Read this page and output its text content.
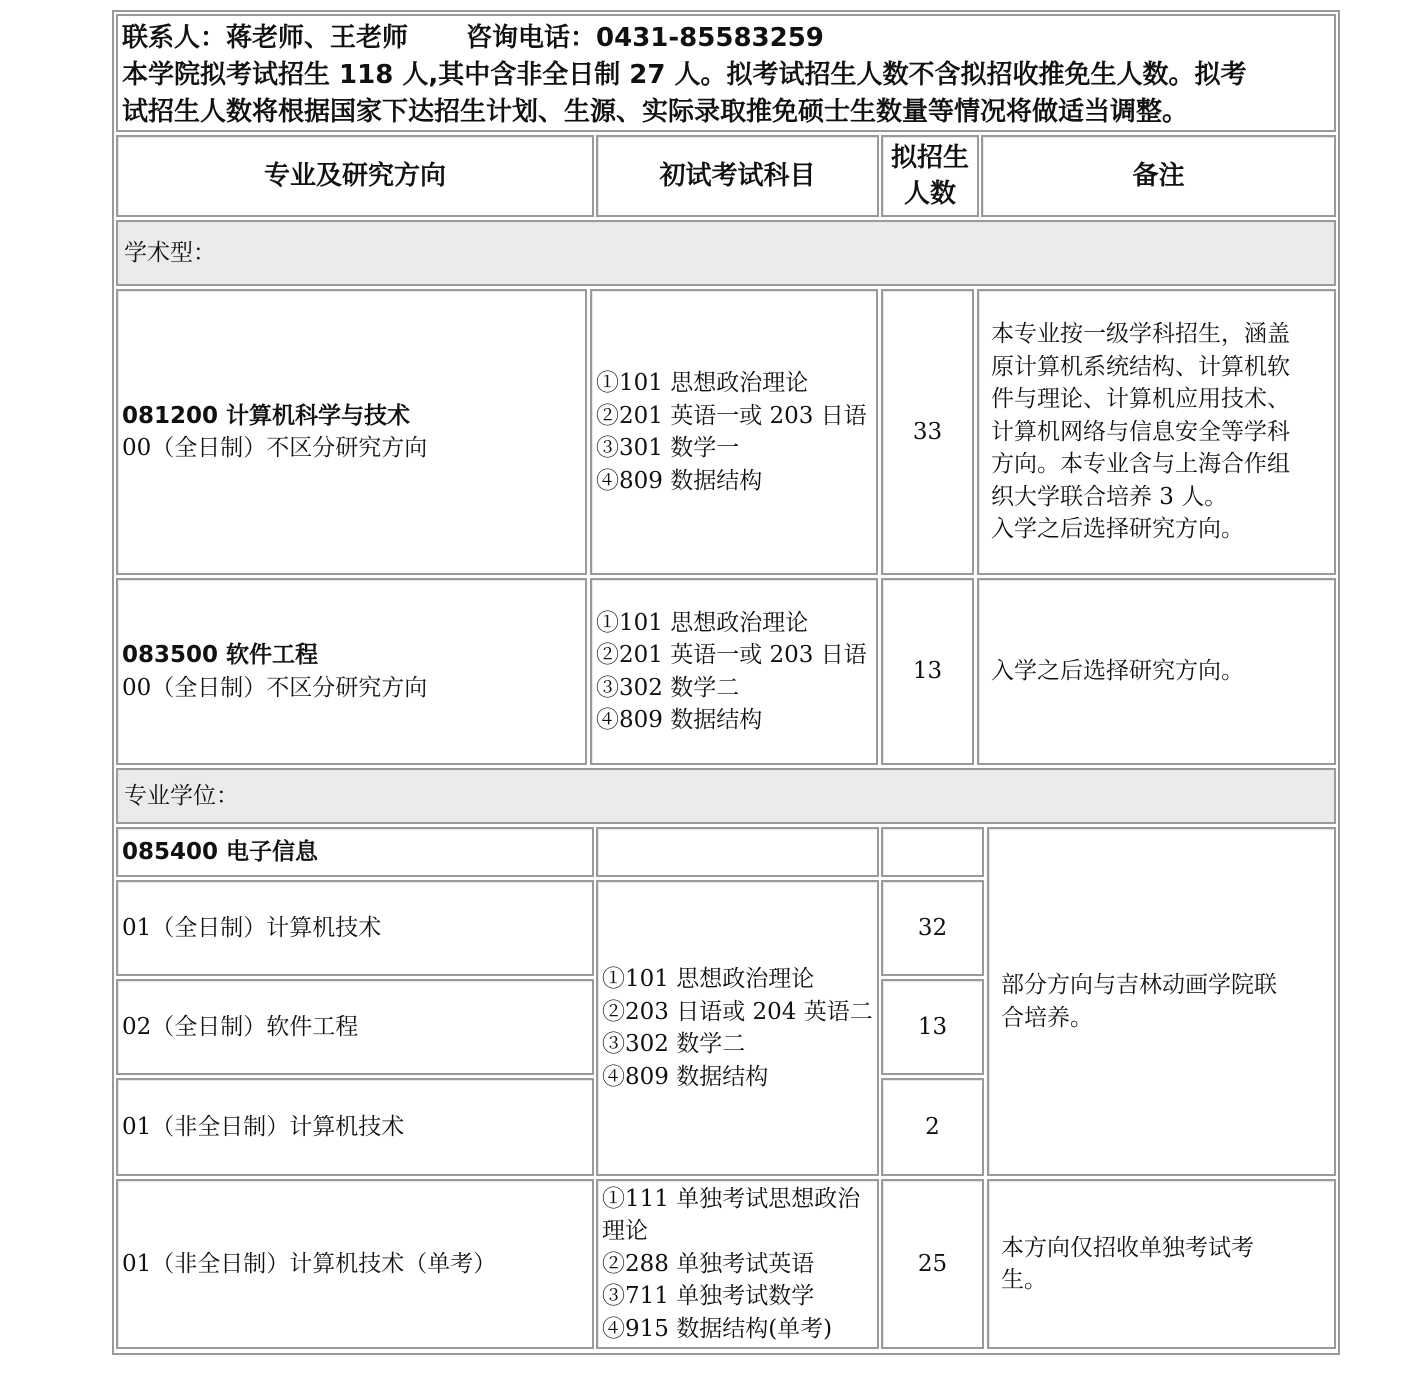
联系人：蒋老师、王老师 咨询电话：0431-85583259
本学院拟考试招生 118 人,其中含非全日制 27 人。拟考试招生人数不含拟招收推免生人数。拟考
试招生人数将根据国家下达招生计划、生源、实际录取推免硕士生数量等情况将做适当调整。
专业及研究方向	初试考试科目
拟招生
人数
备注
学术型：
081200 计算机科学与技术
00（全日制）不区分研究方向
①101 思想政治理论
②201 英语一或 203 日语
③301 数学一
④809 数据结构
33
本专业按一级学科招生，涵盖
原计算机系统结构、计算机软
件与理论、计算机应用技术、
计算机网络与信息安全等学科
方向。本专业含与上海合作组
织大学联合培养 3 人。
入学之后选择研究方向。
083500 软件工程
00（全日制）不区分研究方向
①101 思想政治理论
②201 英语一或 203 日语
③302 数学二
④809 数据结构
13	入学之后选择研究方向。
专业学位：
085400 电子信息
01（全日制）计算机技术
02（全日制）软件工程
01（非全日制）计算机技术
①101 思想政治理论
②203 日语或 204 英语二
③302 数学二
④809 数据结构
32
13
2
部分方向与吉林动画学院联
合培养。
01（非全日制）计算机技术（单考）
①111 单独考试思想政治
理论
②288 单独考试英语
③711 单独考试数学
④915 数据结构(单考)
25
本方向仅招收单独考试考
生。
